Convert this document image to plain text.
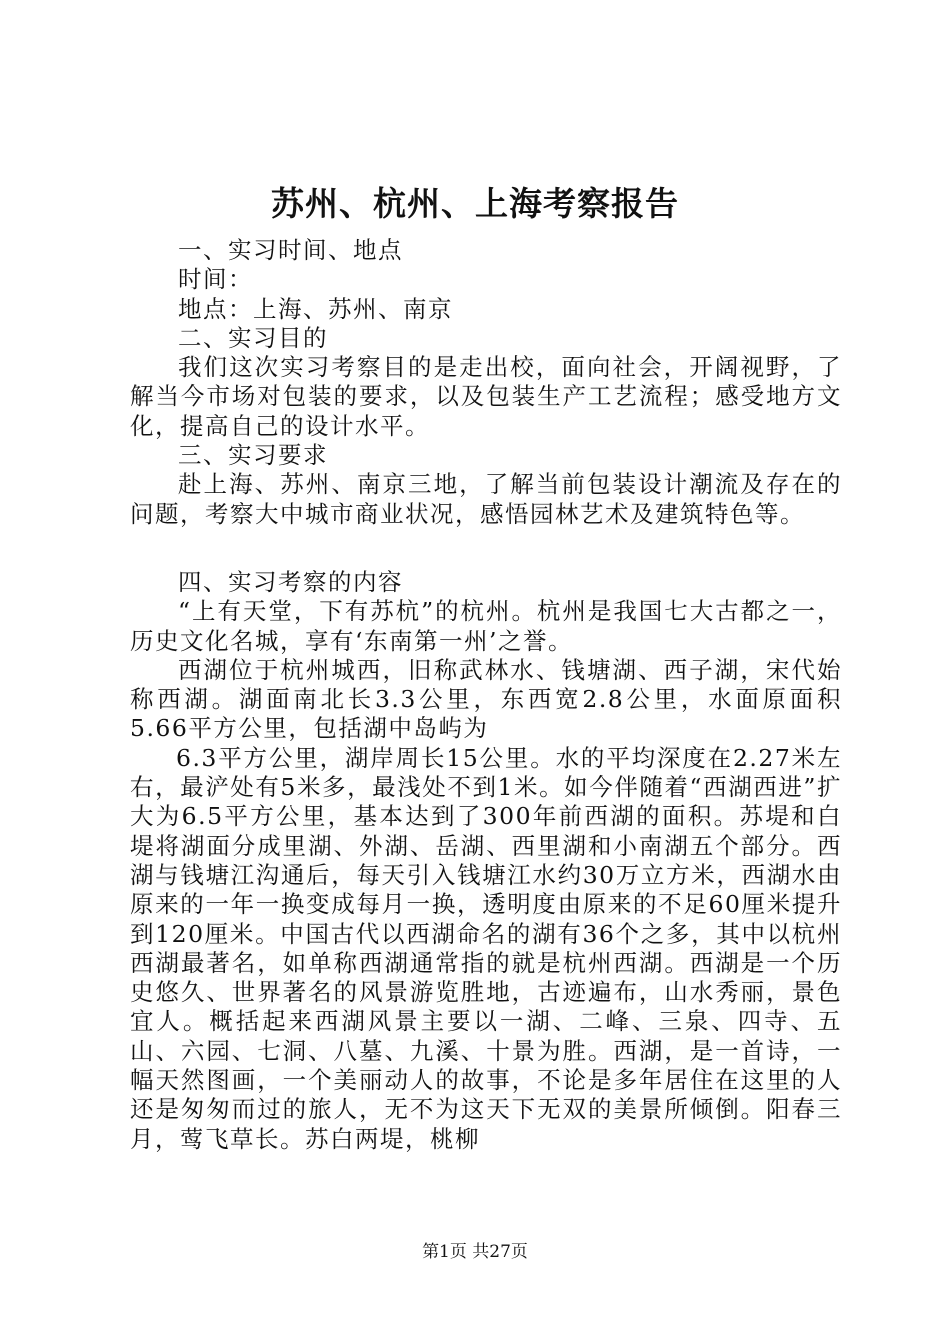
苏州、杭州、上海考察报告

一、实习时间、地点

时间：

地点：上海、苏州、南京

二、实习目的

我们这次实习考察目的是走出校，面向社会，开阔视野，了解当今市场对包装的要求，以及包装生产工艺流程；感受地方文化，提高自己的设计水平。

三、实习要求

赴上海、苏州、南京三地，了解当前包装设计潮流及存在的问题，考察大中城市商业状况，感悟园林艺术及建筑特色等。

四、实习考察的内容

“上有天堂，下有苏杭”的杭州。杭州是我国七大古都之一，历史文化名城，享有‘东南第一州’之誉。

西湖位于杭州城西，旧称武林水、钱塘湖、西子湖，宋代始称西湖。湖面南北长3.3公里，东西宽2.8公里，水面原面积5.66平方公里，包括湖中岛屿为

6.3平方公里，湖岸周长15公里。水的平均深度在2.27米左右，最浐处有5米多，最浅处不到1米。如今伴随着“西湖西进”扩大为6.5平方公里，基本达到了300年前西湖的面积。苏堤和白堤将湖面分成里湖、外湖、岳湖、西里湖和小南湖五个部分。西湖与钱塘江沟通后，每天引入钱塘江水约30万立方米，西湖水由原来的一年一换变成每月一换，透明度由原来的不足60厘米提升到120厘米。中国古代以西湖命名的湖有36个之多，其中以杭州西湖最著名，如单称西湖通常指的就是杭州西湖。西湖是一个历史悠久、世界著名的风景游览胜地，古迹遍布，山水秀丽，景色宜人。概括起来西湖风景主要以一湖、二峰、三泉、四寺、五山、六园、七洞、八墓、九溪、十景为胜。西湖，是一首诗，一幅天然图画，一个美丽动人的故事，不论是多年居住在这里的人还是匆匆而过的旅人，无不为这天下无双的美景所倾倒。阳春三月，莺飞草长。苏白两堤，桃柳

第1页 共27页
